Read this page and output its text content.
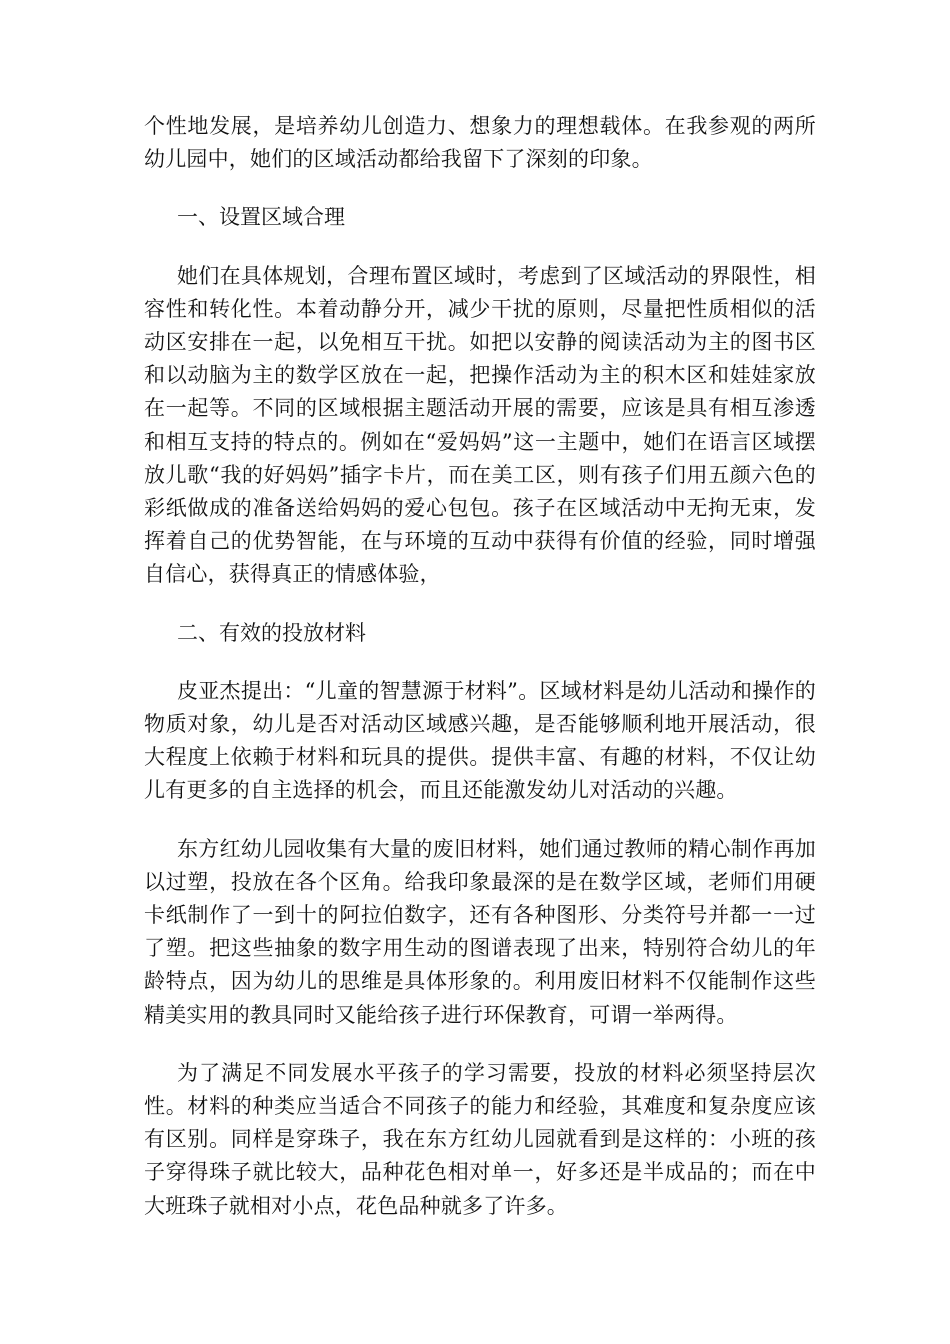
个性地发展，是培养幼儿创造力、想象力的理想载体。在我参观的两所幼儿园中，她们的区域活动都给我留下了深刻的印象。

一、设置区域合理

她们在具体规划，合理布置区域时，考虑到了区域活动的界限性，相容性和转化性。本着动静分开，减少干扰的原则，尽量把性质相似的活动区安排在一起，以免相互干扰。如把以安静的阅读活动为主的图书区和以动脑为主的数学区放在一起，把操作活动为主的积木区和娃娃家放在一起等。不同的区域根据主题活动开展的需要，应该是具有相互渗透和相互支持的特点的。例如在“爱妈妈”这一主题中，她们在语言区域摆放儿歌“我的好妈妈”插字卡片，而在美工区，则有孩子们用五颜六色的彩纸做成的准备送给妈妈的爱心包包。孩子在区域活动中无拘无束，发挥着自己的优势智能，在与环境的互动中获得有价值的经验，同时增强自信心，获得真正的情感体验，

二、有效的投放材料

皮亚杰提出：“儿童的智慧源于材料”。区域材料是幼儿活动和操作的物质对象，幼儿是否对活动区域感兴趣，是否能够顺利地开展活动，很大程度上依赖于材料和玩具的提供。提供丰富、有趣的材料，不仅让幼儿有更多的自主选择的机会，而且还能激发幼儿对活动的兴趣。

东方红幼儿园收集有大量的废旧材料，她们通过教师的精心制作再加以过塑，投放在各个区角。给我印象最深的是在数学区域，老师们用硬卡纸制作了一到十的阿拉伯数字，还有各种图形、分类符号并都一一过了塑。把这些抽象的数字用生动的图谱表现了出来，特别符合幼儿的年龄特点，因为幼儿的思维是具体形象的。利用废旧材料不仅能制作这些精美实用的教具同时又能给孩子进行环保教育，可谓一举两得。

为了满足不同发展水平孩子的学习需要，投放的材料必须坚持层次性。材料的种类应当适合不同孩子的能力和经验，其难度和复杂度应该有区别。同样是穿珠子，我在东方红幼儿园就看到是这样的：小班的孩子穿得珠子就比较大，品种花色相对单一，好多还是半成品的；而在中大班珠子就相对小点，花色品种就多了许多。
